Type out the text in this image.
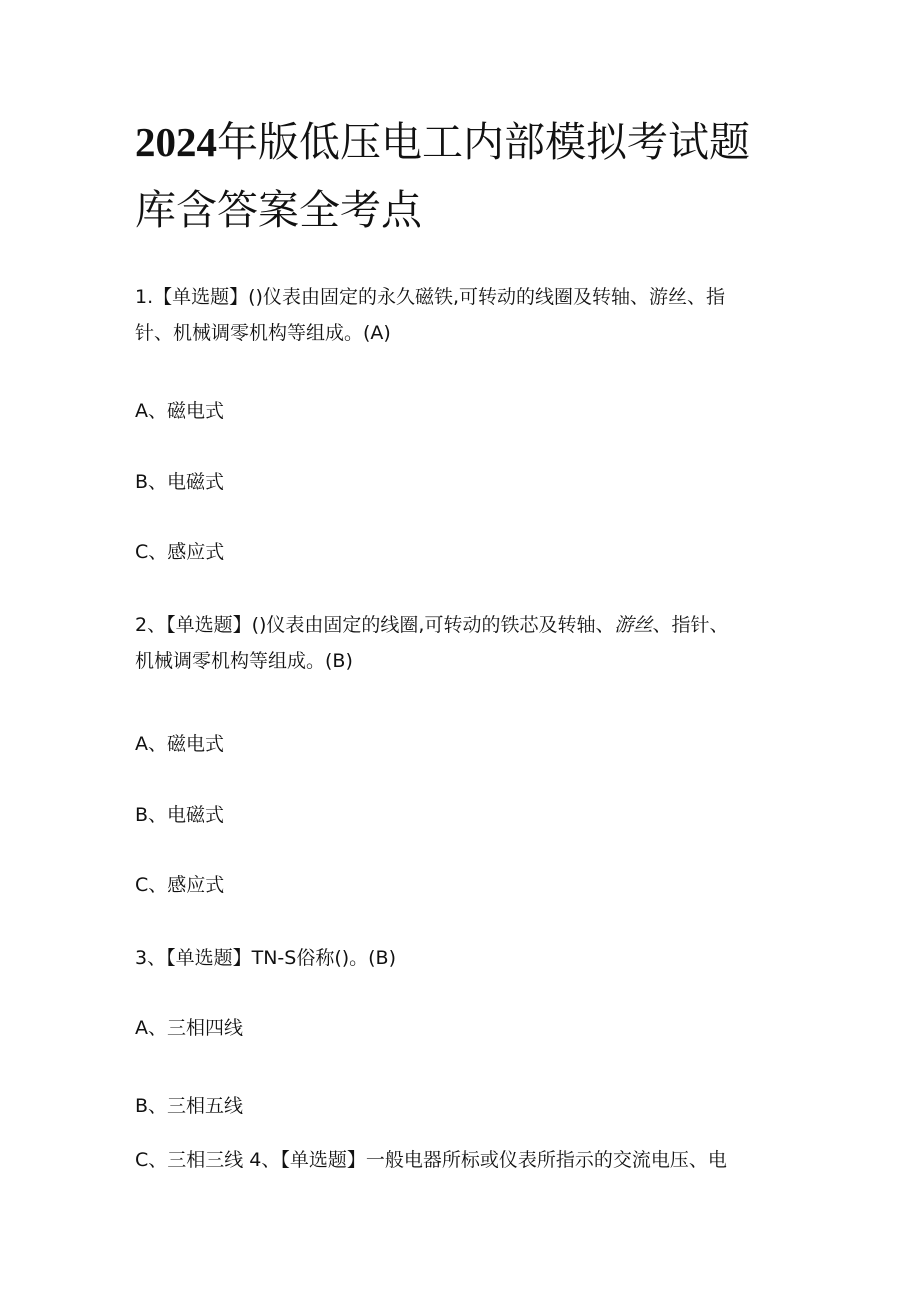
2024年版低压电工内部模拟考试题
库含答案全考点
1.【单选题】()仪表由固定的永久磁铁,可转动的线圈及转轴、游丝、指
针、机械调零机构等组成。(A)
A、磁电式
B、电磁式
C、感应式
2、【单选题】()仪表由固定的线圈,可转动的铁芯及转轴、游丝、指针、
机械调零机构等组成。(B)
A、磁电式
B、电磁式
C、感应式
3、【单选题】TN-S俗称()。(B)
A、三相四线
B、三相五线
C、三相三线 4、【单选题】一般电器所标或仪表所指示的交流电压、电
